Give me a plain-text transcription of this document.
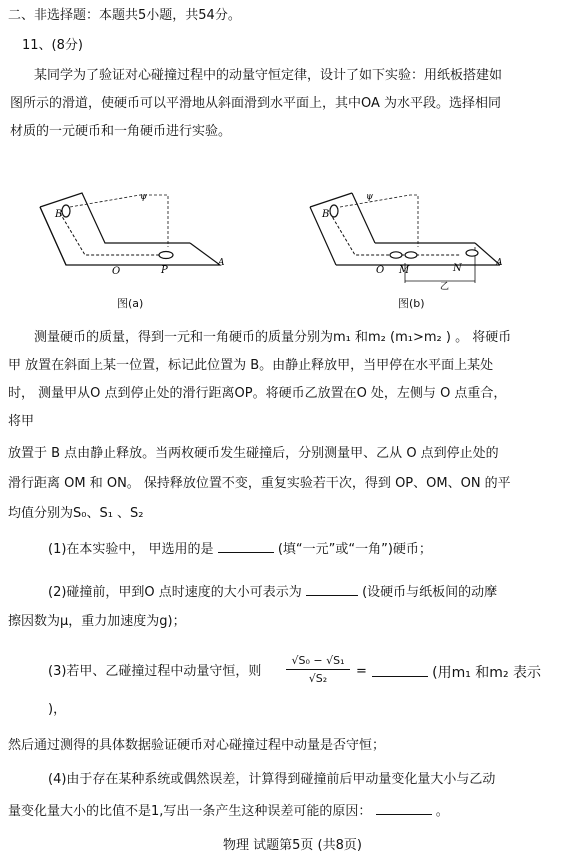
二、非选择题：本题共5小题，共54分。
11、(8分)
某同学为了验证对心碰撞过程中的动量守恒定律，设计了如下实验：用纸板搭建如
图所示的滑道，使硬币可以平滑地从斜面滑到水平面上，其中OA 为水平段。选择相同
材质的一元硬币和一角硬币进行实验。
B
ψ
O	P
A
图(a)
B
ψ
O M	N	A
乙
图(b)
测量硬币的质量，得到一元和一角硬币的质量分别为m₁ 和m₂ (m₁>m₂ ) 。 将硬币
甲 放置在斜面上某一位置，标记此位置为 B。由静止释放甲，当甲停在水平面上某处
时， 测量甲从O 点到停止处的滑行距离OP。将硬币乙放置在O 处，左侧与 O 点重合，
将甲
放置于 B 点由静止释放。当两枚硬币发生碰撞后，分别测量甲、乙从 O 点到停止处的
滑行距离 OM 和 ON。 保持释放位置不变，重复实验若干次，得到 OP、OM、ON 的平
均值分别为S₀、S₁ 、S₂
(1)在本实验中， 甲选用的是	(填“一元”或“一角”)硬币；
(2)碰撞前，甲到O 点时速度的大小可表示为	(设硬币与纸板间的动摩
擦因数为μ，重力加速度为g)；
(3)若甲、乙碰撞过程中动量守恒，则 $\frac{\text{√S₀ − √S₁}}{\text{√S₂}}$ =	(用m₁ 和m₂ 表示
)，
然后通过测得的具体数据验证硬币对心碰撞过程中动量是否守恒；
(4)由于存在某种系统或偶然误差，计算得到碰撞前后甲动量变化量大小与乙动
量变化量大小的比值不是1,写出一条产生这种误差可能的原因：	。
物理 试题第5页 (共8页)
